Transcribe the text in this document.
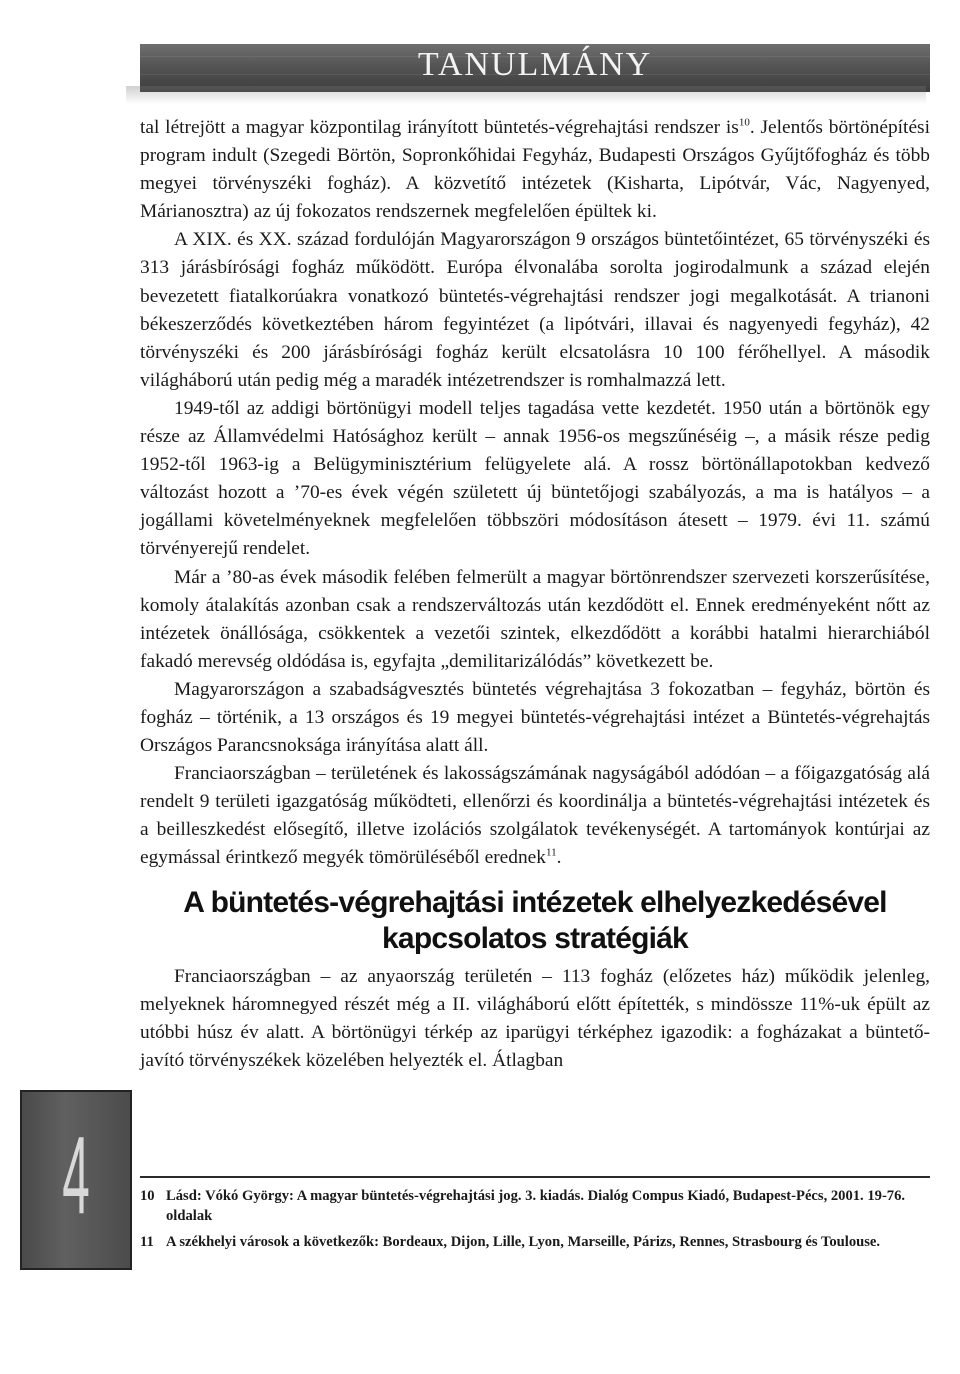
TANULMÁNY

tal létrejött a magyar központilag irányított büntetés-végrehajtási rendszer $is^{10}$. Jelentős börtönépítési program indult (Szegedi Börtön, Sopronkőhidai Fegyház, Budapesti Országos Gyűjtőfogház és több megyei törvényszéki fogház). A közvetítő intézetek (Kisharta, Lipótvár, Vác, Nagyenyed, Márianosztra) az új fokozatos rendszernek megfelelően épültek ki.

A XIX. és XX. század fordulóján Magyarországon 9 országos büntetőintézet, 65 törvényszéki és 313 járásbírósági fogház működött. Európa élvonalába sorolta jogirodalmunk a század elején bevezetett fiatalkorúakra vonatkozó büntetés-végrehajtási rendszer jogi megalkotását. A trianoni békeszerződés következtében három fegyintézet (a lipótvári, illavai és nagyenyedi fegyház), 42 törvényszéki és 200 járásbírósági fogház került elcsatolásra 10 100 férőhellyel. A második világháború után pedig még a maradék intézetrendszer is romhalmazzá lett.

1949-től az addigi börtönügyi modell teljes tagadása vette kezdetét. 1950 után a börtönök egy része az Államvédelmi Hatósághoz került – annak 1956-os megszűnéséig –, a másik része pedig 1952-től 1963-ig a Belügyminisztérium felügyelete alá. A rossz börtönállapotokban kedvező változást hozott a ’70-es évek végén született új büntetőjogi szabályozás, a ma is hatályos – a jogállami követelményeknek megfelelően többszöri módosításon átesett – 1979. évi 11. számú törvényerejű rendelet.

Már a ’80-as évek második felében felmerült a magyar börtönrendszer szervezeti korszerűsítése, komoly átalakítás azonban csak a rendszerváltozás után kezdődött el. Ennek eredményeként nőtt az intézetek önállósága, csökkentek a vezetői szintek, elkezdődött a korábbi hatalmi hierarchiából fakadó merevség oldódása is, egyfajta „demilitarizálódás” következett be.

Magyarországon a szabadságvesztés büntetés végrehajtása 3 fokozatban – fegyház, börtön és fogház – történik, a 13 országos és 19 megyei büntetés-végrehajtási intézet a Büntetés-végrehajtás Országos Parancsnoksága irányítása alatt áll.

Franciaországban – területének és lakosságszámának nagyságából adódóan – a főigazgatóság alá rendelt 9 területi igazgatóság működteti, ellenőrzi és koordinálja a büntetés-végrehajtási intézetek és a beilleszkedést elősegítő, illetve izolációs szolgálatok tevékenységét. A tartományok kontúrjai az egymással érintkező megyék tömörüléséből erednek$^{11}$.

A büntetés-végrehajtási intézetek elhelyezkedésével kapcsolatos stratégiák

Franciaországban – az anyaország területén – 113 fogház (előzetes ház) működik jelenleg, melyeknek háromnegyed részét még a II. világháború előtt építették, s mindössze 11%-uk épült az utóbbi húsz év alatt. A börtönügyi térkép az iparügyi térképhez igazodik: a fogházakat a büntető-javító törvényszékek közelében helyezték el. Átlagban

10 Lásd: Vókó György: A magyar büntetés-végrehajtási jog. 3. kiadás. Dialóg Compus Kiadó, Budapest-Pécs, 2001. 19-76. oldalak
11 A székhelyi városok a következők: Bordeaux, Dijon, Lille, Lyon, Marseille, Párizs, Rennes, Strasbourg és Toulouse.
4
